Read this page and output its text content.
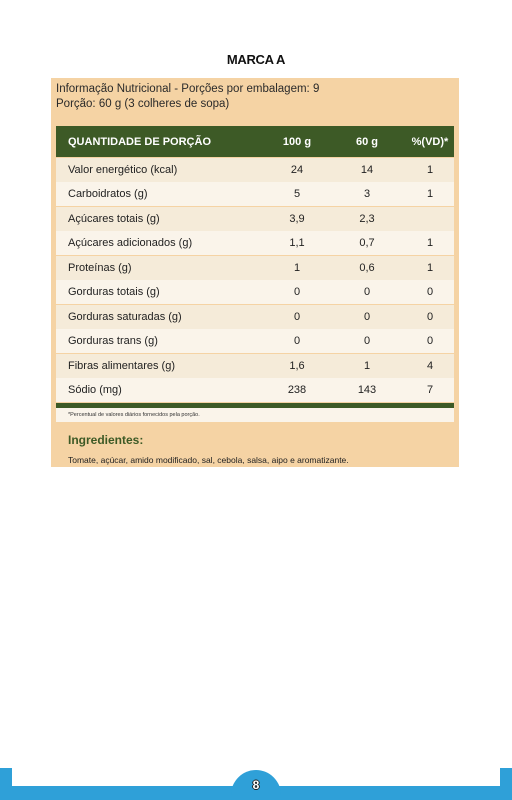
MARCA A
Informação Nutricional - Porções por embalagem: 9
Porção: 60 g (3 colheres de sopa)
QUANTIDADE DE PORÇÃO	100 g	60 g	%(VD)*
Valor energético (kcal)	24	14	1
Carboidratos (g)	5	3	1
Açúcares totais (g)	3,9	2,3
Açúcares adicionados (g)	1,1	0,7	1
Proteínas (g)	1	0,6	1
Gorduras totais (g)	0	0	0
Gorduras saturadas (g)	0	0	0
Gorduras trans (g)	0	0	0
Fibras alimentares (g)	1,6	1	4
Sódio (mg)	238	143	7
*Percentual de valores diários fornecidos pela porção.
Ingredientes:
Tomate, açúcar, amido modificado, sal, cebola, salsa, aipo e aromatizante.
8
